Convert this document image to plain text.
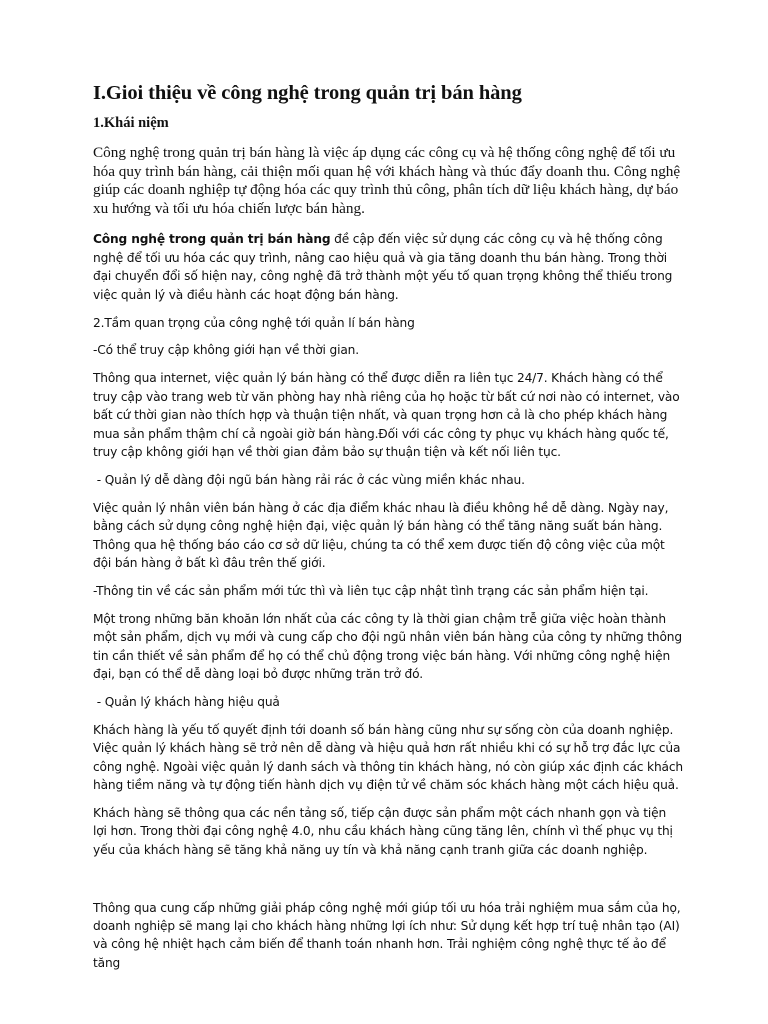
I.Gioi thiệu về công nghệ trong quản trị bán hàng
1.Khái niệm

Công nghệ trong quản trị bán hàng là việc áp dụng các công cụ và hệ thống công nghệ để tối ưu hóa quy trình bán hàng, cải thiện mối quan hệ với khách hàng và thúc đẩy doanh thu. Công nghệ giúp các doanh nghiệp tự động hóa các quy trình thủ công, phân tích dữ liệu khách hàng, dự báo xu hướng và tối ưu hóa chiến lược bán hàng.

Công nghệ trong quản trị bán hàng đề cập đến việc sử dụng các công cụ và hệ thống công nghệ để tối ưu hóa các quy trình, nâng cao hiệu quả và gia tăng doanh thu bán hàng. Trong thời đại chuyển đổi số hiện nay, công nghệ đã trở thành một yếu tố quan trọng không thể thiếu trong việc quản lý và điều hành các hoạt động bán hàng.

2.Tầm quan trọng của công nghệ tới quản lí bán hàng

-Có thể truy cập không giới hạn về thời gian.

Thông qua internet, việc quản lý bán hàng có thể được diễn ra liên tục 24/7. Khách hàng có thể truy cập vào trang web từ văn phòng hay nhà riêng của họ hoặc từ bất cứ nơi nào có internet, vào bất cứ thời gian nào thích hợp và thuận tiện nhất, và quan trọng hơn cả là cho phép khách hàng mua sản phẩm thậm chí cả ngoài giờ bán hàng.Đối với các công ty phục vụ khách hàng quốc tế, truy cập không giới hạn về thời gian đảm bảo sự thuận tiện và kết nối liên tục.

- Quản lý dễ dàng đội ngũ bán hàng rải rác ở các vùng miền khác nhau.

Việc quản lý nhân viên bán hàng ở các địa điểm khác nhau là điều không hề dễ dàng. Ngày nay, bằng cách sử dụng công nghệ hiện đại, việc quản lý bán hàng có thể tăng năng suất bán hàng. Thông qua hệ thống báo cáo cơ sở dữ liệu, chúng ta có thể xem được tiến độ công việc của một đội bán hàng ở bất kì đâu trên thế giới.

-Thông tin về các sản phẩm mới tức thì và liên tục cập nhật tình trạng các sản phẩm hiện tại.

Một trong những băn khoăn lớn nhất của các công ty là thời gian chậm trễ giữa việc hoàn thành một sản phẩm, dịch vụ mới và cung cấp cho đội ngũ nhân viên bán hàng của công ty những thông tin cần thiết về sản phẩm để họ có thể chủ động trong việc bán hàng. Với những công nghệ hiện đại, bạn có thể dễ dàng loại bỏ được những trăn trở đó.

- Quản lý khách hàng hiệu quả

Khách hàng là yếu tố quyết định tới doanh số bán hàng cũng như sự sống còn của doanh nghiệp. Việc quản lý khách hàng sẽ trở nên dễ dàng và hiệu quả hơn rất nhiều khi có sự hỗ trợ đắc lực của công nghệ. Ngoài việc quản lý danh sách và thông tin khách hàng, nó còn giúp xác định các khách hàng tiềm năng và tự động tiến hành dịch vụ điện tử về chăm sóc khách hàng một cách hiệu quả.

Khách hàng sẽ thông qua các nền tảng số, tiếp cận được sản phẩm một cách nhanh gọn và tiện lợi hơn. Trong thời đại công nghệ 4.0, nhu cầu khách hàng cũng tăng lên, chính vì thế phục vụ thị yếu của khách hàng sẽ tăng khả năng uy tín và khả năng cạnh tranh giữa các doanh nghiệp.

Thông qua cung cấp những giải pháp công nghệ mới giúp tối ưu hóa trải nghiệm mua sắm của họ, doanh nghiệp sẽ mang lại cho khách hàng những lợi ích như: Sử dụng kết hợp trí tuệ nhân tạo (AI) và công hệ nhiệt hạch cảm biến để thanh toán nhanh hơn. Trải nghiệm công nghệ thực tế ảo để tăng
